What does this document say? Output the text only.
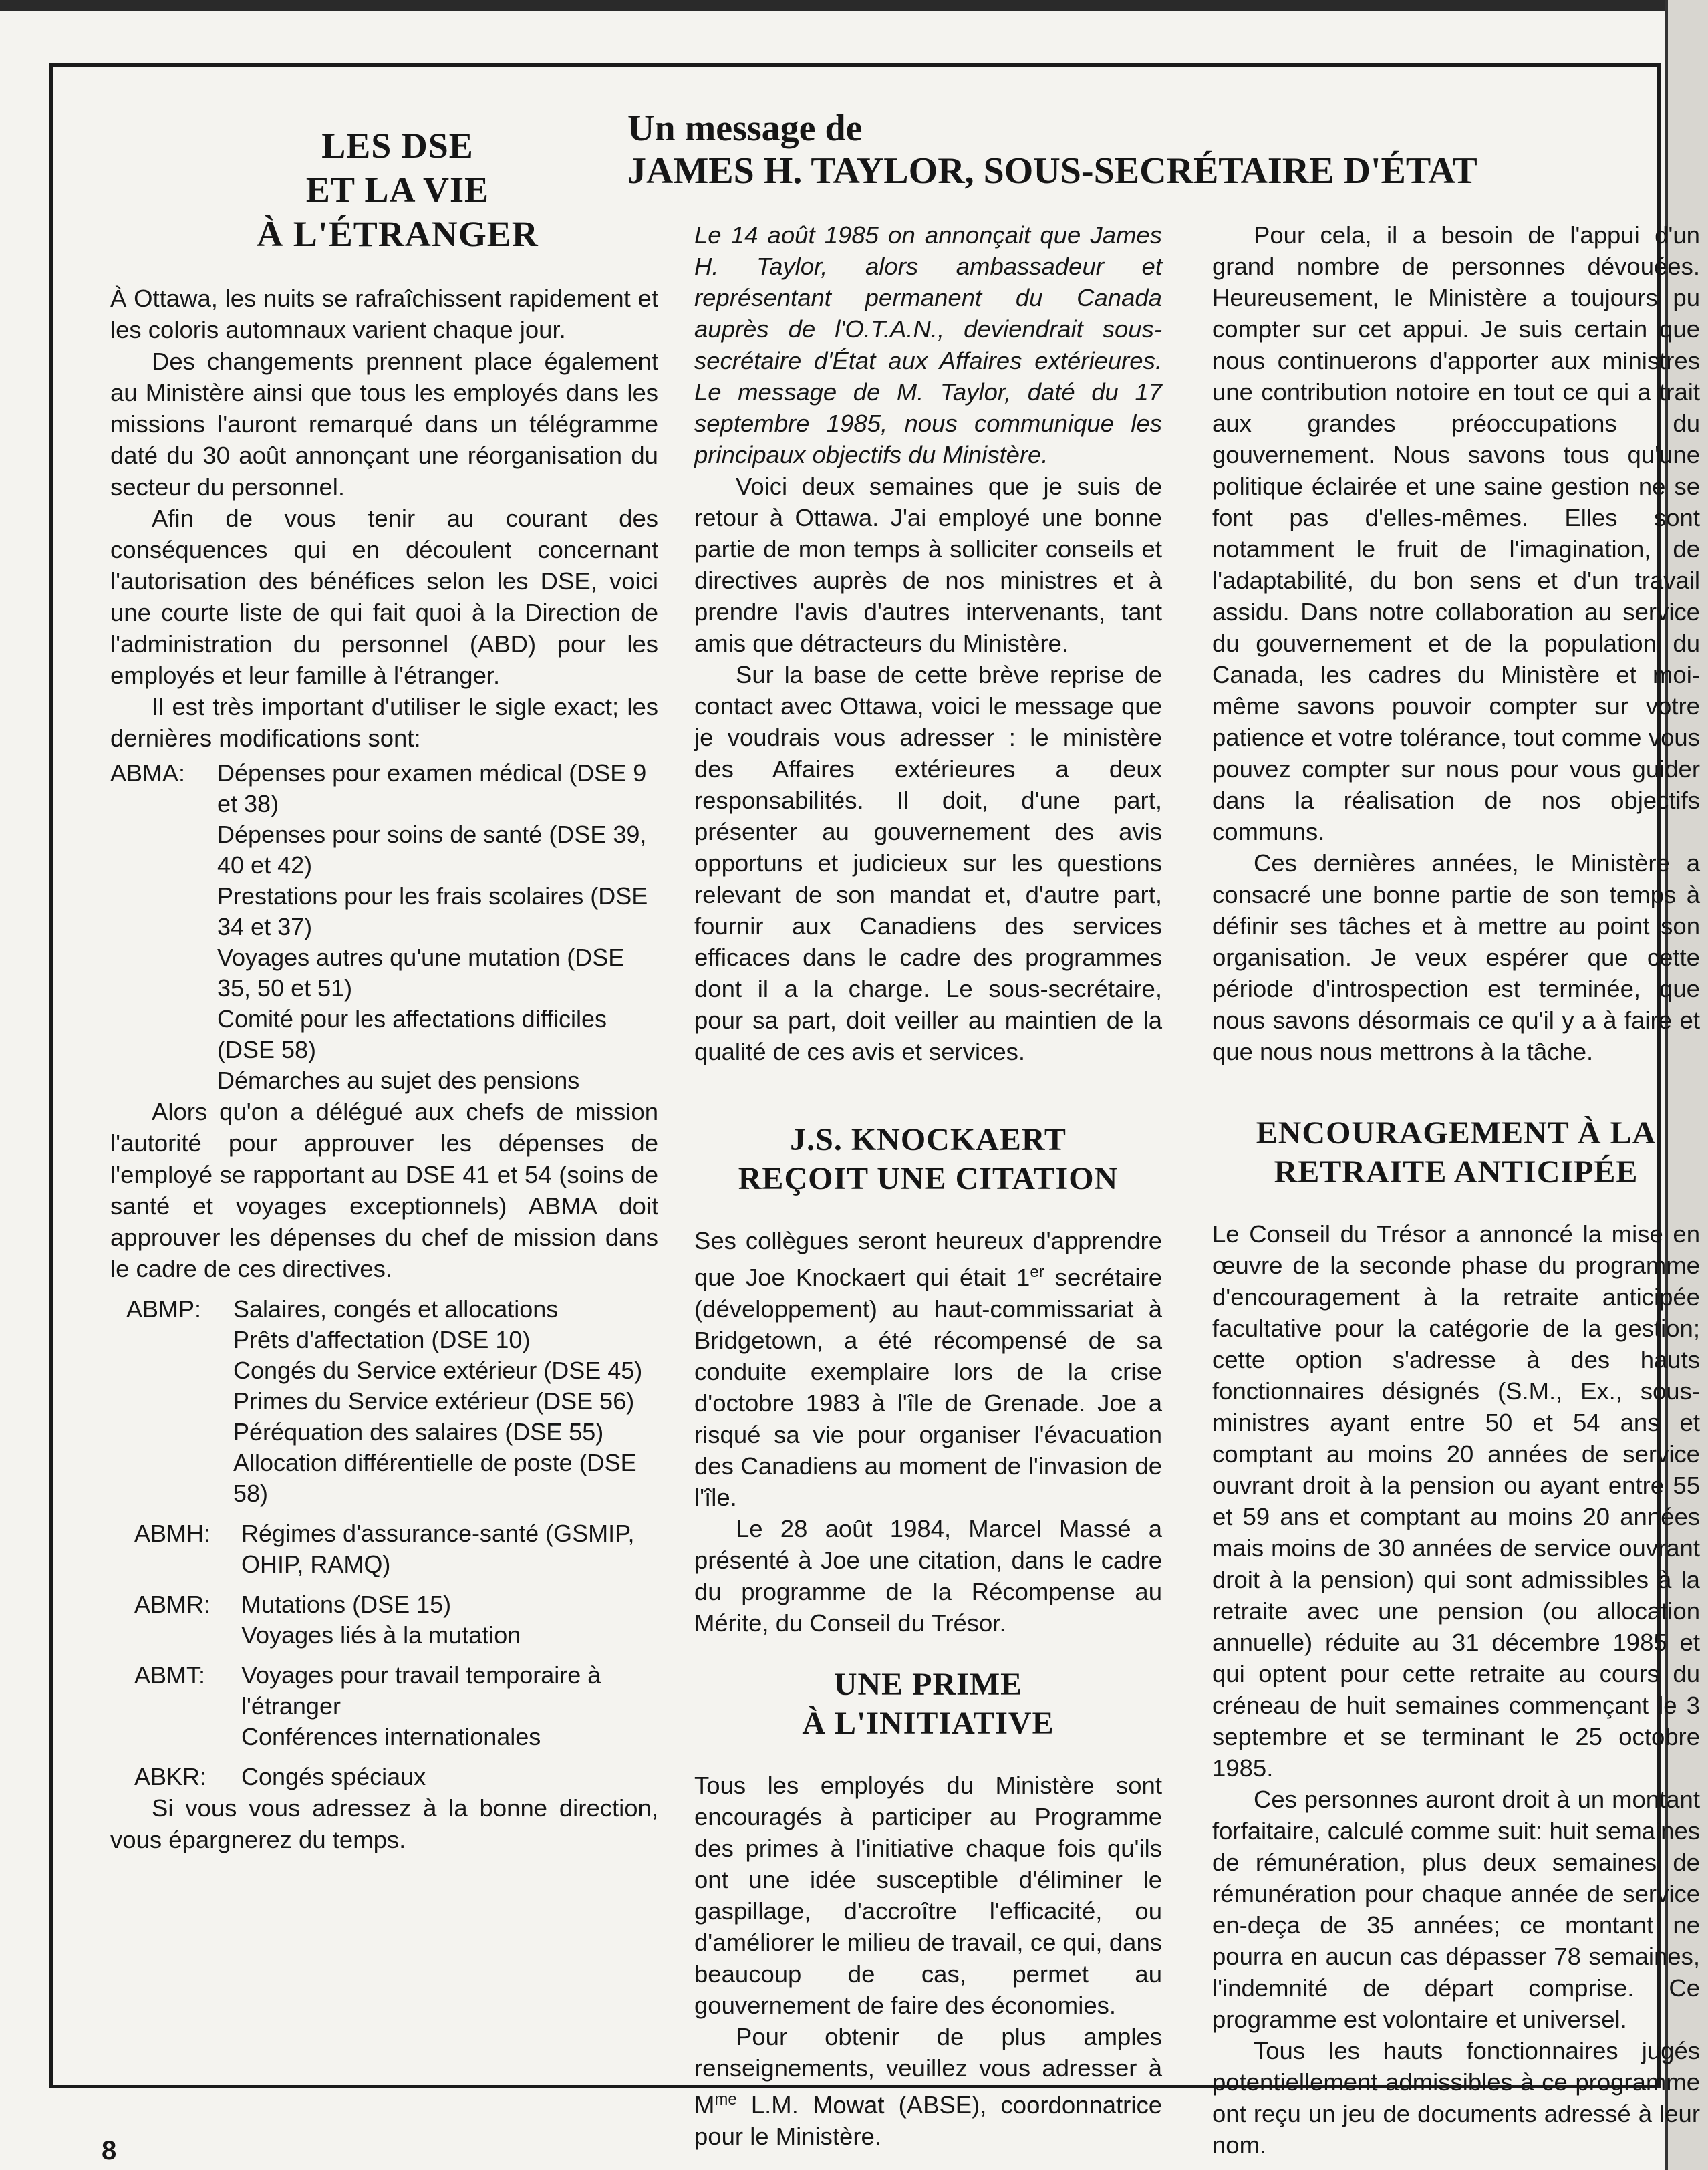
LES DSE
ET LA VIE
À L'ÉTRANGER

À Ottawa, les nuits se rafraîchissent rapidement et les coloris automnaux varient chaque jour.

Des changements prennent place également au Ministère ainsi que tous les employés dans les missions l'auront remarqué dans un télégramme daté du 30 août annonçant une réorganisation du secteur du personnel.

Afin de vous tenir au courant des conséquences qui en découlent concernant l'autorisation des bénéfices selon les DSE, voici une courte liste de qui fait quoi à la Direction de l'administration du personnel (ABD) pour les employés et leur famille à l'étranger.

Il est très important d'utiliser le sigle exact; les dernières modifications sont:

ABMA:	Dépenses pour examen médical (DSE 9 et 38)
Dépenses pour soins de santé (DSE 39, 40 et 42)
Prestations pour les frais scolaires (DSE 34 et 37)
Voyages autres qu'une mutation (DSE 35, 50 et 51)
Comité pour les affectations difficiles (DSE 58)
Démarches au sujet des pensions

Alors qu'on a délégué aux chefs de mission l'autorité pour approuver les dépenses de l'employé se rapportant au DSE 41 et 54 (soins de santé et voyages exceptionnels) ABMA doit approuver les dépenses du chef de mission dans le cadre de ces directives.

ABMP:	Salaires, congés et allocations
Prêts d'affectation (DSE 10)
Congés du Service extérieur (DSE 45)
Primes du Service extérieur (DSE 56)
Péréquation des salaires (DSE 55)
Allocation différentielle de poste (DSE 58)
ABMH:	Régimes d'assurance-santé (GSMIP, OHIP, RAMQ)
ABMR:	Mutations (DSE 15)
Voyages liés à la mutation
ABMT:	Voyages pour travail temporaire à l'étranger
Conférences internationales
ABKR:	Congés spéciaux

Si vous vous adressez à la bonne direction, vous épargnerez du temps.

Un message de
JAMES H. TAYLOR, SOUS-SECRÉTAIRE D'ÉTAT

Le 14 août 1985 on annonçait que James H. Taylor, alors ambassadeur et représentant permanent du Canada auprès de l'O.T.A.N., deviendrait sous-secrétaire d'État aux Affaires extérieures. Le message de M. Taylor, daté du 17 septembre 1985, nous communique les principaux objectifs du Ministère.

Voici deux semaines que je suis de retour à Ottawa. J'ai employé une bonne partie de mon temps à solliciter conseils et directives auprès de nos ministres et à prendre l'avis d'autres intervenants, tant amis que détracteurs du Ministère.

Sur la base de cette brève reprise de contact avec Ottawa, voici le message que je voudrais vous adresser : le ministère des Affaires extérieures a deux responsabilités. Il doit, d'une part, présenter au gouvernement des avis opportuns et judicieux sur les questions relevant de son mandat et, d'autre part, fournir aux Canadiens des services efficaces dans le cadre des programmes dont il a la charge. Le sous-secrétaire, pour sa part, doit veiller au maintien de la qualité de ces avis et services.

J.S. KNOCKAERT
REÇOIT UNE CITATION

Ses collègues seront heureux d'apprendre que Joe Knockaert qui était 1er secrétaire (développement) au haut-commissariat à Bridgetown, a été récompensé de sa conduite exemplaire lors de la crise d'octobre 1983 à l'île de Grenade. Joe a risqué sa vie pour organiser l'évacuation des Canadiens au moment de l'invasion de l'île.

Le 28 août 1984, Marcel Massé a présenté à Joe une citation, dans le cadre du programme de la Récompense au Mérite, du Conseil du Trésor.

UNE PRIME
À L'INITIATIVE

Tous les employés du Ministère sont encouragés à participer au Programme des primes à l'initiative chaque fois qu'ils ont une idée susceptible d'éliminer le gaspillage, d'accroître l'efficacité, ou d'améliorer le milieu de travail, ce qui, dans beaucoup de cas, permet au gouvernement de faire des économies.

Pour obtenir de plus amples renseignements, veuillez vous adresser à $M^{me}$ L.M. Mowat (ABSE), coordonnatrice pour le Ministère.

Pour cela, il a besoin de l'appui d'un grand nombre de personnes dévouées. Heureusement, le Ministère a toujours pu compter sur cet appui. Je suis certain que nous continuerons d'apporter aux ministres une contribution notoire en tout ce qui a trait aux grandes préoccupations du gouvernement. Nous savons tous qu'une politique éclairée et une saine gestion ne se font pas d'elles-mêmes. Elles sont notamment le fruit de l'imagination, de l'adaptabilité, du bon sens et d'un travail assidu. Dans notre collaboration au service du gouvernement et de la population du Canada, les cadres du Ministère et moi-même savons pouvoir compter sur votre patience et votre tolérance, tout comme vous pouvez compter sur nous pour vous guider dans la réalisation de nos objectifs communs.

Ces dernières années, le Ministère a consacré une bonne partie de son temps à définir ses tâches et à mettre au point son organisation. Je veux espérer que cette période d'introspection est terminée, que nous savons désormais ce qu'il y a à faire et que nous nous mettrons à la tâche.

ENCOURAGEMENT À LA
RETRAITE ANTICIPÉE

Le Conseil du Trésor a annoncé la mise en œuvre de la seconde phase du programme d'encouragement à la retraite anticipée facultative pour la catégorie de la gestion; cette option s'adresse à des hauts fonctionnaires désignés (S.M., Ex., sous-ministres ayant entre 50 et 54 ans et comptant au moins 20 années de service ouvrant droit à la pension ou ayant entre 55 et 59 ans et comptant au moins 20 années mais moins de 30 années de service ouvrant droit à la pension) qui sont admissibles à la retraite avec une pension (ou allocation annuelle) réduite au 31 décembre 1985 et qui optent pour cette retraite au cours du créneau de huit semaines commençant le 3 septembre et se terminant le 25 octobre 1985.

Ces personnes auront droit à un montant forfaitaire, calculé comme suit: huit semaines de rémunération, plus deux semaines de rémunération pour chaque année de service en-deça de 35 années; ce montant ne pourra en aucun cas dépasser 78 semaines, l'indemnité de départ comprise. Ce programme est volontaire et universel.

Tous les hauts fonctionnaires jugés potentiellement admissibles à ce programme ont reçu un jeu de documents adressé à leur nom.

8
